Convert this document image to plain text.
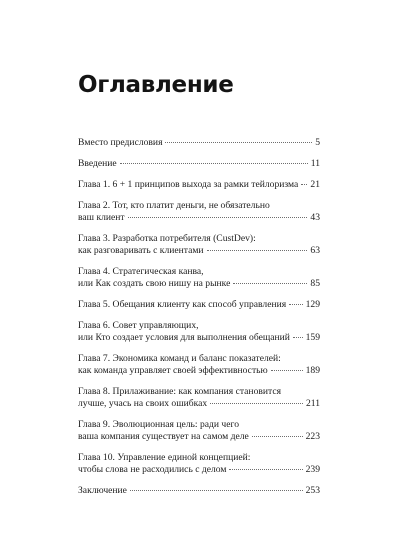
Оглавление
Вместо предисловия	5
Введение	11
Глава 1. 6 + 1 принципов выхода за рамки тейлоризма 21
Глава 2. Тот, кто платит деньги, не обязательно
ваш клиент	43
Глава 3. Разработка потребителя (CustDev):
как разговаривать с клиентами	63
Глава 4. Стратегическая канва,
или Как создать свою нишу на рынке	85
Глава 5. Обещания клиенту как способ управления 129
Глава 6. Совет управляющих,
или Кто создает условия для выполнения обещаний 159
Глава 7. Экономика команд и баланс показателей:
как команда управляет своей эффективностью	189
Глава 8. Прилаживание: как компания становится
лучше, учась на своих ошибках	211
Глава 9. Эволюционная цель: ради чего
ваша компания существует на самом деле	223
Глава 10. Управление единой концепцией:
чтобы слова не расходились с делом	239
Заключение	253
